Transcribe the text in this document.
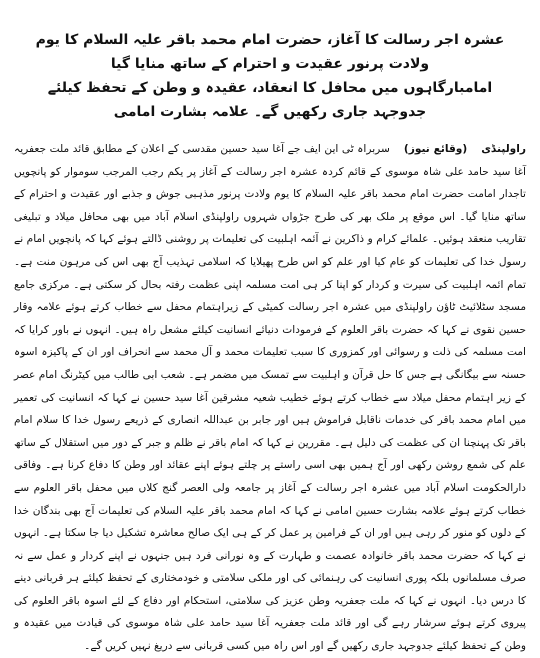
عشرہ اجر رسالت کا آغاز، حضرت امام محمد باقر علیہ السلام کا یوم ولادت پرنور عقیدت و احترام کے ساتھ منایا گیا
امامبارگاہوں میں محافل کا انعقاد، عقیدہ و وطن کے تحفظ کیلئے جدوجہد جاری رکھیں گے۔ علامہ بشارت امامی

راولپنڈی(وقائع نیوز)سربراہ ٹی این ایف جے آغا سید حسین مقدسی کے اعلان کے مطابق قائد ملت جعفریہ آغا سید حامد علی شاہ موسوی کے قائم کردہ عشرہ اجر رسالت کے آغاز پر یکم رجب المرجب سوموار کو پانچویں تاجدار امامت حضرت امام محمد باقر علیہ السلام کا یوم ولادت پرنور مذہبی جوش و جذبے اور عقیدت و احترام کے ساتھ منایا گیا۔ اس موقع پر ملک بھر کی طرح جڑواں شہروں راولپنڈی اسلام آباد میں بھی محافل میلاد و تبلیغی تقاریب منعقد ہوئیں۔ علمائے کرام و ذاکرین نے آئمہ اہلبیت کی تعلیمات پر روشنی ڈالتے ہوئے کہا کہ پانچویں امام نے رسول خدا کی تعلیمات کو عام کیا اور علم کو اس طرح پھیلایا کہ اسلامی تہذیب آج بھی اس کی مرہون منت ہے۔ تمام ائمہ اہلبیت کی سیرت و کردار کو اپنا کر ہی امت مسلمہ اپنی عظمت رفتہ بحال کر سکتی ہے۔ مرکزی جامع مسجد سٹلائیٹ ٹاؤن راولپنڈی میں عشرہ اجر رسالت کمیٹی کے زیراہتمام محفل سے خطاب کرتے ہوئے علامہ وقار حسین نقوی نے کہا کہ حضرت باقر العلوم کے فرمودات دنیائے انسانیت کیلئے مشعل راہ ہیں۔ انہوں نے باور کرایا کہ امت مسلمہ کی ذلت و رسوائی اور کمزوری کا سبب تعلیمات محمد و آل محمد سے انحراف اور ان کے پاکیزہ اسوہ حسنہ سے بیگانگی ہے جس کا حل قرآن و اہلبیت سے تمسک میں مضمر ہے۔ شعب ابی طالب میں کیٹرنگ امام عصر کے زیر اہتمام محفل میلاد سے خطاب کرتے ہوئے خطیب شعیہ مشرقین آغا سید حسین نے کہا کہ انسانیت کی تعمیر میں امام محمد باقر کی خدمات ناقابل فراموش ہیں اور جابر بن عبداللہ انصاری کے ذریعے رسول خدا کا سلام امام باقر تک پہنچنا ان کی عظمت کی دلیل ہے۔ مقررین نے کہا کہ امام باقر نے ظلم و جبر کے دور میں استقلال کے ساتھ علم کی شمع روشن رکھی اور آج ہمیں بھی اسی راستے پر چلتے ہوئے اپنے عقائد اور وطن کا دفاع کرنا ہے۔ وفاقی دارالحکومت اسلام آباد میں عشرہ اجر رسالت کے آغاز پر جامعہ ولی العصر گنج کلاں میں محفل باقر العلوم سے خطاب کرتے ہوئے علامہ بشارت حسین امامی نے کہا کہ امام محمد باقر علیہ السلام کی تعلیمات آج بھی بندگان خدا کے دلوں کو منور کر رہی ہیں اور ان کے فرامین پر عمل کر کے ہی ایک صالح معاشرہ تشکیل دیا جا سکتا ہے۔ انہوں نے کہا کہ حضرت محمد باقر خانوادہ عصمت و طہارت کے وہ نورانی فرد ہیں جنہوں نے اپنے کردار و عمل سے نہ صرف مسلمانوں بلکہ پوری انسانیت کی رہنمائی کی اور ملکی سلامتی و خودمختاری کے تحفظ کیلئے ہر قربانی دینے کا درس دیا۔ انہوں نے کہا کہ ملت جعفریہ وطن عزیز کی سلامتی، استحکام اور دفاع کے لئے اسوہ باقر العلوم کی پیروی کرتے ہوئے سرشار رہے گی اور قائد ملت جعفریہ آغا سید حامد علی شاہ موسوی کی قیادت میں عقیدہ و وطن کے تحفظ کیلئے جدوجہد جاری رکھیں گے اور اس راہ میں کسی قربانی سے دریغ نہیں کریں گے۔
